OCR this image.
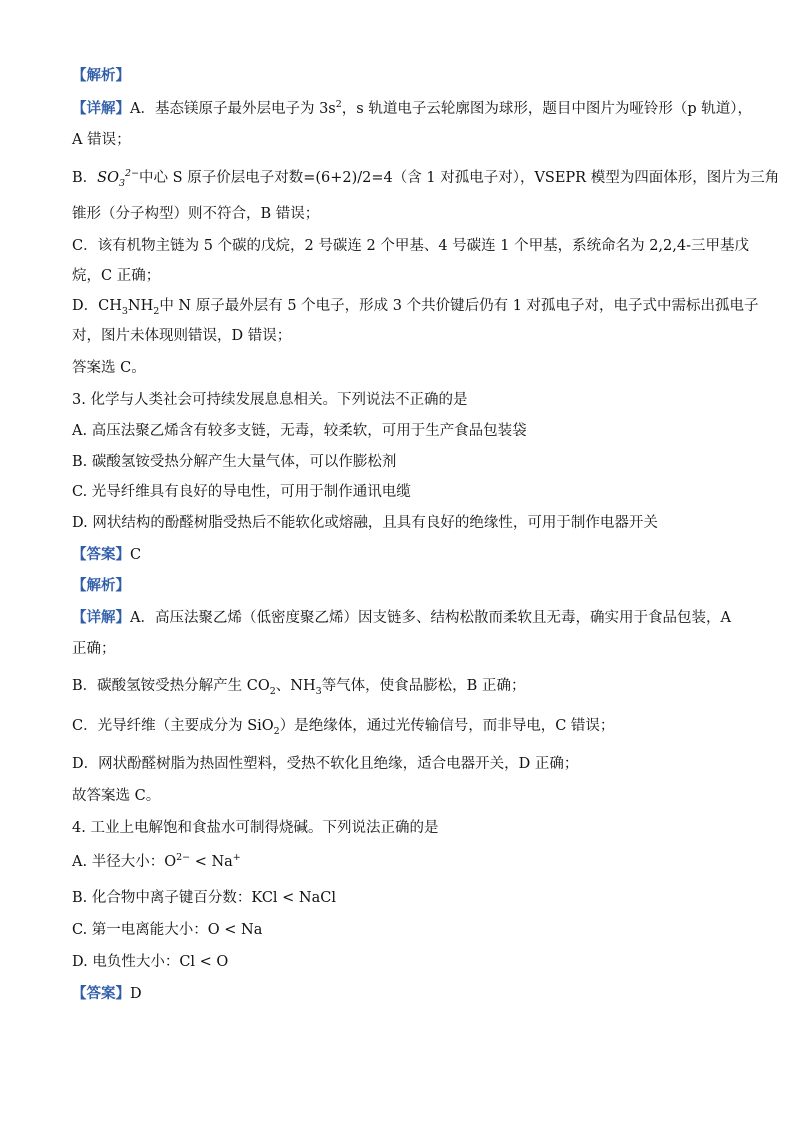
【解析】
【详解】A．基态镁原子最外层电子为 $3s^2$，s 轨道电子云轮廓图为球形，题目中图片为哑铃形（p 轨道），
A 错误；
B．$SO_3^{2-}$中心 S 原子价层电子对数=(6+2)/2=4（含 1 对孤电子对），VSEPR 模型为四面体形，图片为三角
锥形（分子构型）则不符合，B 错误；
C．该有机物主链为 5 个碳的戊烷，2 号碳连 2 个甲基、4 号碳连 1 个甲基，系统命名为 2,2,4-三甲基戊
烷，C 正确；
D．$CH_3NH_2$中 N 原子最外层有 5 个电子，形成 3 个共价键后仍有 1 对孤电子对，电子式中需标出孤电子
对，图片未体现则错误，D 错误；
答案选 C。
3. 化学与人类社会可持续发展息息相关。下列说法不正确的是
A. 高压法聚乙烯含有较多支链，无毒，较柔软，可用于生产食品包装袋
B. 碳酸氢铵受热分解产生大量气体，可以作膨松剂
C. 光导纤维具有良好的导电性，可用于制作通讯电缆
D. 网状结构的酚醛树脂受热后不能软化或熔融，且具有良好的绝缘性，可用于制作电器开关
【答案】C
【解析】
【详解】A．高压法聚乙烯（低密度聚乙烯）因支链多、结构松散而柔软且无毒，确实用于食品包装，A
正确；
B．碳酸氢铵受热分解产生 $CO_2$、$NH_3$等气体，使食品膨松，B 正确；
C．光导纤维（主要成分为 SiO$_2$）是绝缘体，通过光传输信号，而非导电，C 错误；
D．网状酚醛树脂为热固性塑料，受热不软化且绝缘，适合电器开关，D 正确；
故答案选 C。
4. 工业上电解饱和食盐水可制得烧碱。下列说法正确的是
A. 半径大小：$O^{2-} < Na^+$
B. 化合物中离子键百分数：KCl < NaCl
C. 第一电离能大小：O < Na
D. 电负性大小：Cl < O
【答案】D
